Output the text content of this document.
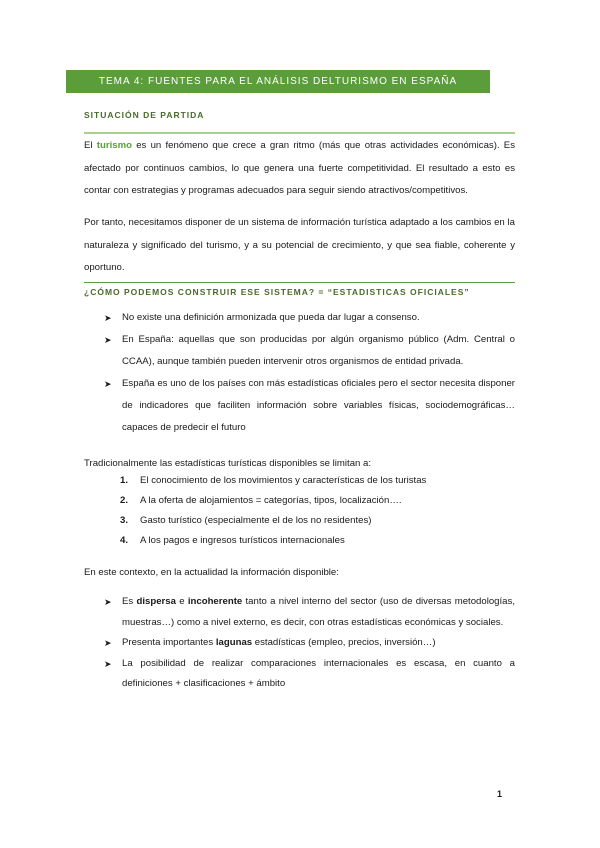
TEMA 4: FUENTES PARA EL ANÁLISIS DELTURISMO EN ESPAÑA
SITUACIÓN DE PARTIDA
El turismo es un fenómeno que crece a gran ritmo (más que otras actividades económicas). Es afectado por continuos cambios, lo que genera una fuerte competitividad. El resultado a esto es contar con estrategias y programas adecuados para seguir siendo atractivos/competitivos.
Por tanto, necesitamos disponer de un sistema de información turística adaptado a los cambios en la naturaleza y significado del turismo, y a su potencial de crecimiento, y que sea fiable, coherente y oportuno.
¿CÓMO PODEMOS CONSTRUIR ESE SISTEMA? = “ESTADISTICAS OFICIALES”
➤ No existe una definición armonizada que pueda dar lugar a consenso.
➤ En España: aquellas que son producidas por algún organismo público (Adm. Central o CCAA), aunque también pueden intervenir otros organismos de entidad privada.
➤ España es uno de los países con más estadísticas oficiales pero el sector necesita disponer de indicadores que faciliten información sobre variables físicas, sociodemográficas… capaces de predecir el futuro
Tradicionalmente las estadísticas turísticas disponibles se limitan a:
1. El conocimiento de los movimientos y características de los turistas
2. A la oferta de alojamientos = categorías, tipos, localización….
3. Gasto turístico (especialmente el de los no residentes)
4. A los pagos e ingresos turísticos internacionales
En este contexto, en la actualidad la información disponible:
➤ Es dispersa e incoherente tanto a nivel interno del sector (uso de diversas metodologías, muestras…) como a nivel externo, es decir, con otras estadísticas económicas y sociales.
➤ Presenta importantes lagunas estadísticas (empleo, precios, inversión…)
➤ La posibilidad de realizar comparaciones internacionales es escasa, en cuanto a definiciones + clasificaciones + ámbito
1
